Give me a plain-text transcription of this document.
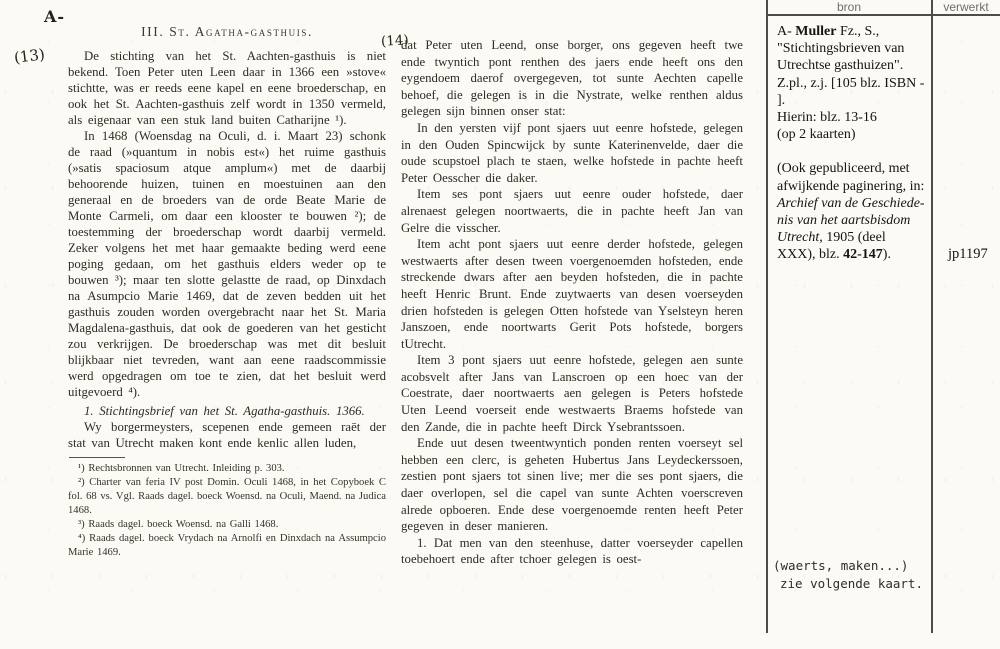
A-
(13)
(14)
III. St. Agatha-gasthuis.

De stichting van het St. Aachten-gasthuis is niet bekend. Toen Peter uten Leen daar in 1366 een »stove« stichtte, was er reeds eene kapel en eene broederschap, en ook het St. Aachten-gasthuis zelf wordt in 1350 vermeld, als eigenaar van een stuk land buiten Catharijne ¹).

In 1468 (Woensdag na Oculi, d. i. Maart 23) schonk de raad (»quantum in nobis est«) het ruime gasthuis (»satis spaciosum atque amplum«) met de daarbij behoorende huizen, tuinen en moestuinen aan den generaal en de broeders van de orde Beate Marie de Monte Carmeli, om daar een klooster te bouwen ²); de toestemming der broederschap wordt daarbij vermeld. Zeker volgens het met haar gemaakte beding werd eene poging gedaan, om het gasthuis elders weder op te bouwen ³); maar ten slotte gelastte de raad, op Dinxdach na Asumpcio Marie 1469, dat de zeven bedden uit het gasthuis zouden worden overgebracht naar het St. Maria Magdalena-gasthuis, dat ook de goederen van het gesticht zou verkrijgen. De broederschap was met dit besluit blijkbaar niet tevreden, want aan eene raadscommissie werd opgedragen om toe te zien, dat het besluit werd uitgevoerd ⁴).

1. Stichtingsbrief van het St. Agatha-gasthuis. 1366.

Wy borgermeysters, scepenen ende gemeen raēt der stat van Utrecht maken kont ende kenlic allen luden,

¹) Rechtsbronnen van Utrecht. Inleiding p. 303.

²) Charter van feria IV post Domin. Oculi 1468, in het Copyboek C fol. 68 vs. Vgl. Raads dagel. boeck Woensd. na Oculi, Maend. na Judica 1468.

³) Raads dagel. boeck Woensd. na Galli 1468.

⁴) Raads dagel. boeck Vrydach na Arnolfi en Dinxdach na Assumpcio Marie 1469.

dat Peter uten Leend, onse borger, ons gegeven heeft twe ende twyntich pont renthen des jaers ende heeft ons den eygendoem daerof overgegeven, tot sunte Aechten capelle behoef, die gelegen is in die Nystrate, welke renthen aldus gelegen sijn binnen onser stat:

In den yersten vijf pont sjaers uut eenre hofstede, gelegen in den Ouden Spincwijck by sunte Katerinenvelde, daer die oude scupstoel plach te staen, welke hofstede in pachte heeft Peter Oesscher die daker.

Item ses pont sjaers uut eenre ouder hofstede, daer alrenaest gelegen noortwaerts, die in pachte heeft Jan van Gelre die visscher.

Item acht pont sjaers uut eenre derder hofstede, gelegen westwaerts after desen tween voergenoemden hofsteden, ende streckende dwars after aen beyden hofsteden, die in pachte heeft Henric Brunt. Ende zuytwaerts van desen voerseyden drien hofsteden is gelegen Otten hofstede van Yselsteyn heren Janszoen, ende noortwarts Gerit Pots hofstede, borgers tUtrecht.

Item 3 pont sjaers uut eenre hofstede, gelegen aen sunte acobsvelt after Jans van Lanscroen op een hoec van der Coestrate, daer noortwaerts aen gelegen is Peters hofstede Uten Leend voerseit ende westwaerts Braems hofstede van den Zande, die in pachte heeft Dirck Ysebrantssoen.

Ende uut desen tweentwyntich ponden renten voerseyt sel hebben een clerc, is geheten Hubertus Jans Leydeckerssoen, zestien pont sjaers tot sinen live; mer die ses pont sjaers, die daer overlopen, sel die capel van sunte Achten voerscreven alrede opboeren. Ende dese voergenoemde renten heeft Peter gegeven in deser manieren.

1. Dat men van den steenhuse, datter voerseyder capellen toebehoert ende after tchoer gelegen is oest-

bron	verwerkt
A- Muller Fz., S.,
"Stichtingsbrieven van
Utrechtse gasthuizen".
Z.pl., z.j. [105 blz. ISBN -
].
Hierin: blz. 13-16
(op 2 kaarten)
(Ook gepubliceerd, met
afwijkende paginering, in:
Archief van de Geschiede-
nis van het aartsbisdom
Utrecht, 1905 (deel
XXX), blz. 42-147).	jp1197
(waerts, maken...)
zie volgende kaart.
